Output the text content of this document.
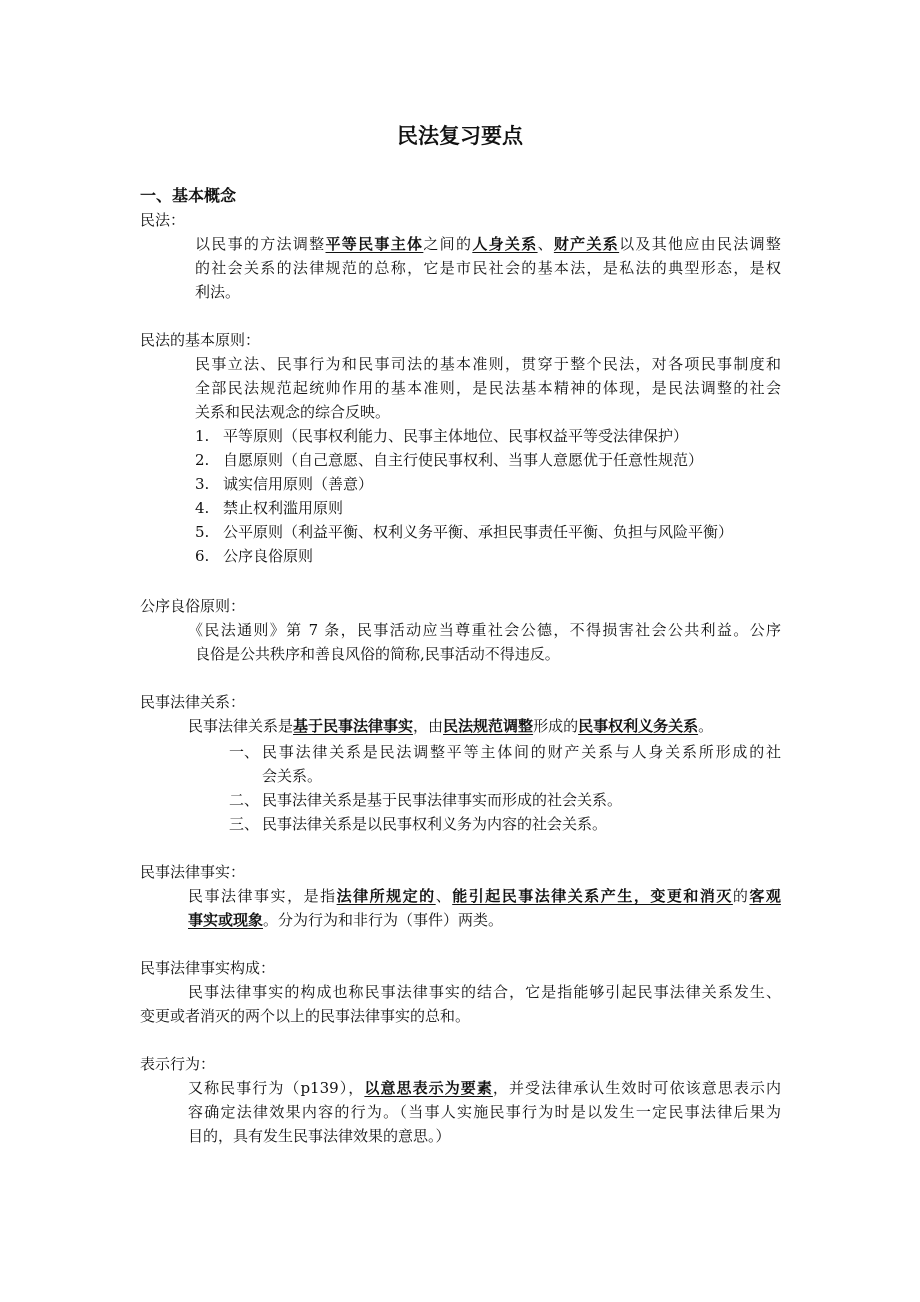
民法复习要点
一、基本概念
民法：
以民事的方法调整平等民事主体之间的人身关系、财产关系以及其他应由民法调整
的社会关系的法律规范的总称，它是市民社会的基本法，是私法的典型形态，是权
利法。
民法的基本原则：
民事立法、民事行为和民事司法的基本准则，贯穿于整个民法，对各项民事制度和
全部民法规范起统帅作用的基本准则，是民法基本精神的体现，是民法调整的社会
关系和民法观念的综合反映。
1. 平等原则（民事权利能力、民事主体地位、民事权益平等受法律保护）
2. 自愿原则（自己意愿、自主行使民事权利、当事人意愿优于任意性规范）
3. 诚实信用原则（善意）
4. 禁止权利滥用原则
5. 公平原则（利益平衡、权利义务平衡、承担民事责任平衡、负担与风险平衡）
6. 公序良俗原则
公序良俗原则：
《民法通则》第 7 条，民事活动应当尊重社会公德，不得损害社会公共利益。公序
良俗是公共秩序和善良风俗的简称,民事活动不得违反。
民事法律关系：
民事法律关系是基于民事法律事实，由民法规范调整形成的民事权利义务关系。
一、 民事法律关系是民法调整平等主体间的财产关系与人身关系所形成的社
会关系。
二、 民事法律关系是基于民事法律事实而形成的社会关系。
三、 民事法律关系是以民事权利义务为内容的社会关系。
民事法律事实：
民事法律事实，是指法律所规定的、能引起民事法律关系产生，变更和消灭的客观
事实或现象。分为行为和非行为（事件）两类。
民事法律事实构成：
民事法律事实的构成也称民事法律事实的结合，它是指能够引起民事法律关系发生、
变更或者消灭的两个以上的民事法律事实的总和。
表示行为：
又称民事行为（p139），以意思表示为要素，并受法律承认生效时可依该意思表示内
容确定法律效果内容的行为。（当事人实施民事行为时是以发生一定民事法律后果为
目的，具有发生民事法律效果的意思。）
